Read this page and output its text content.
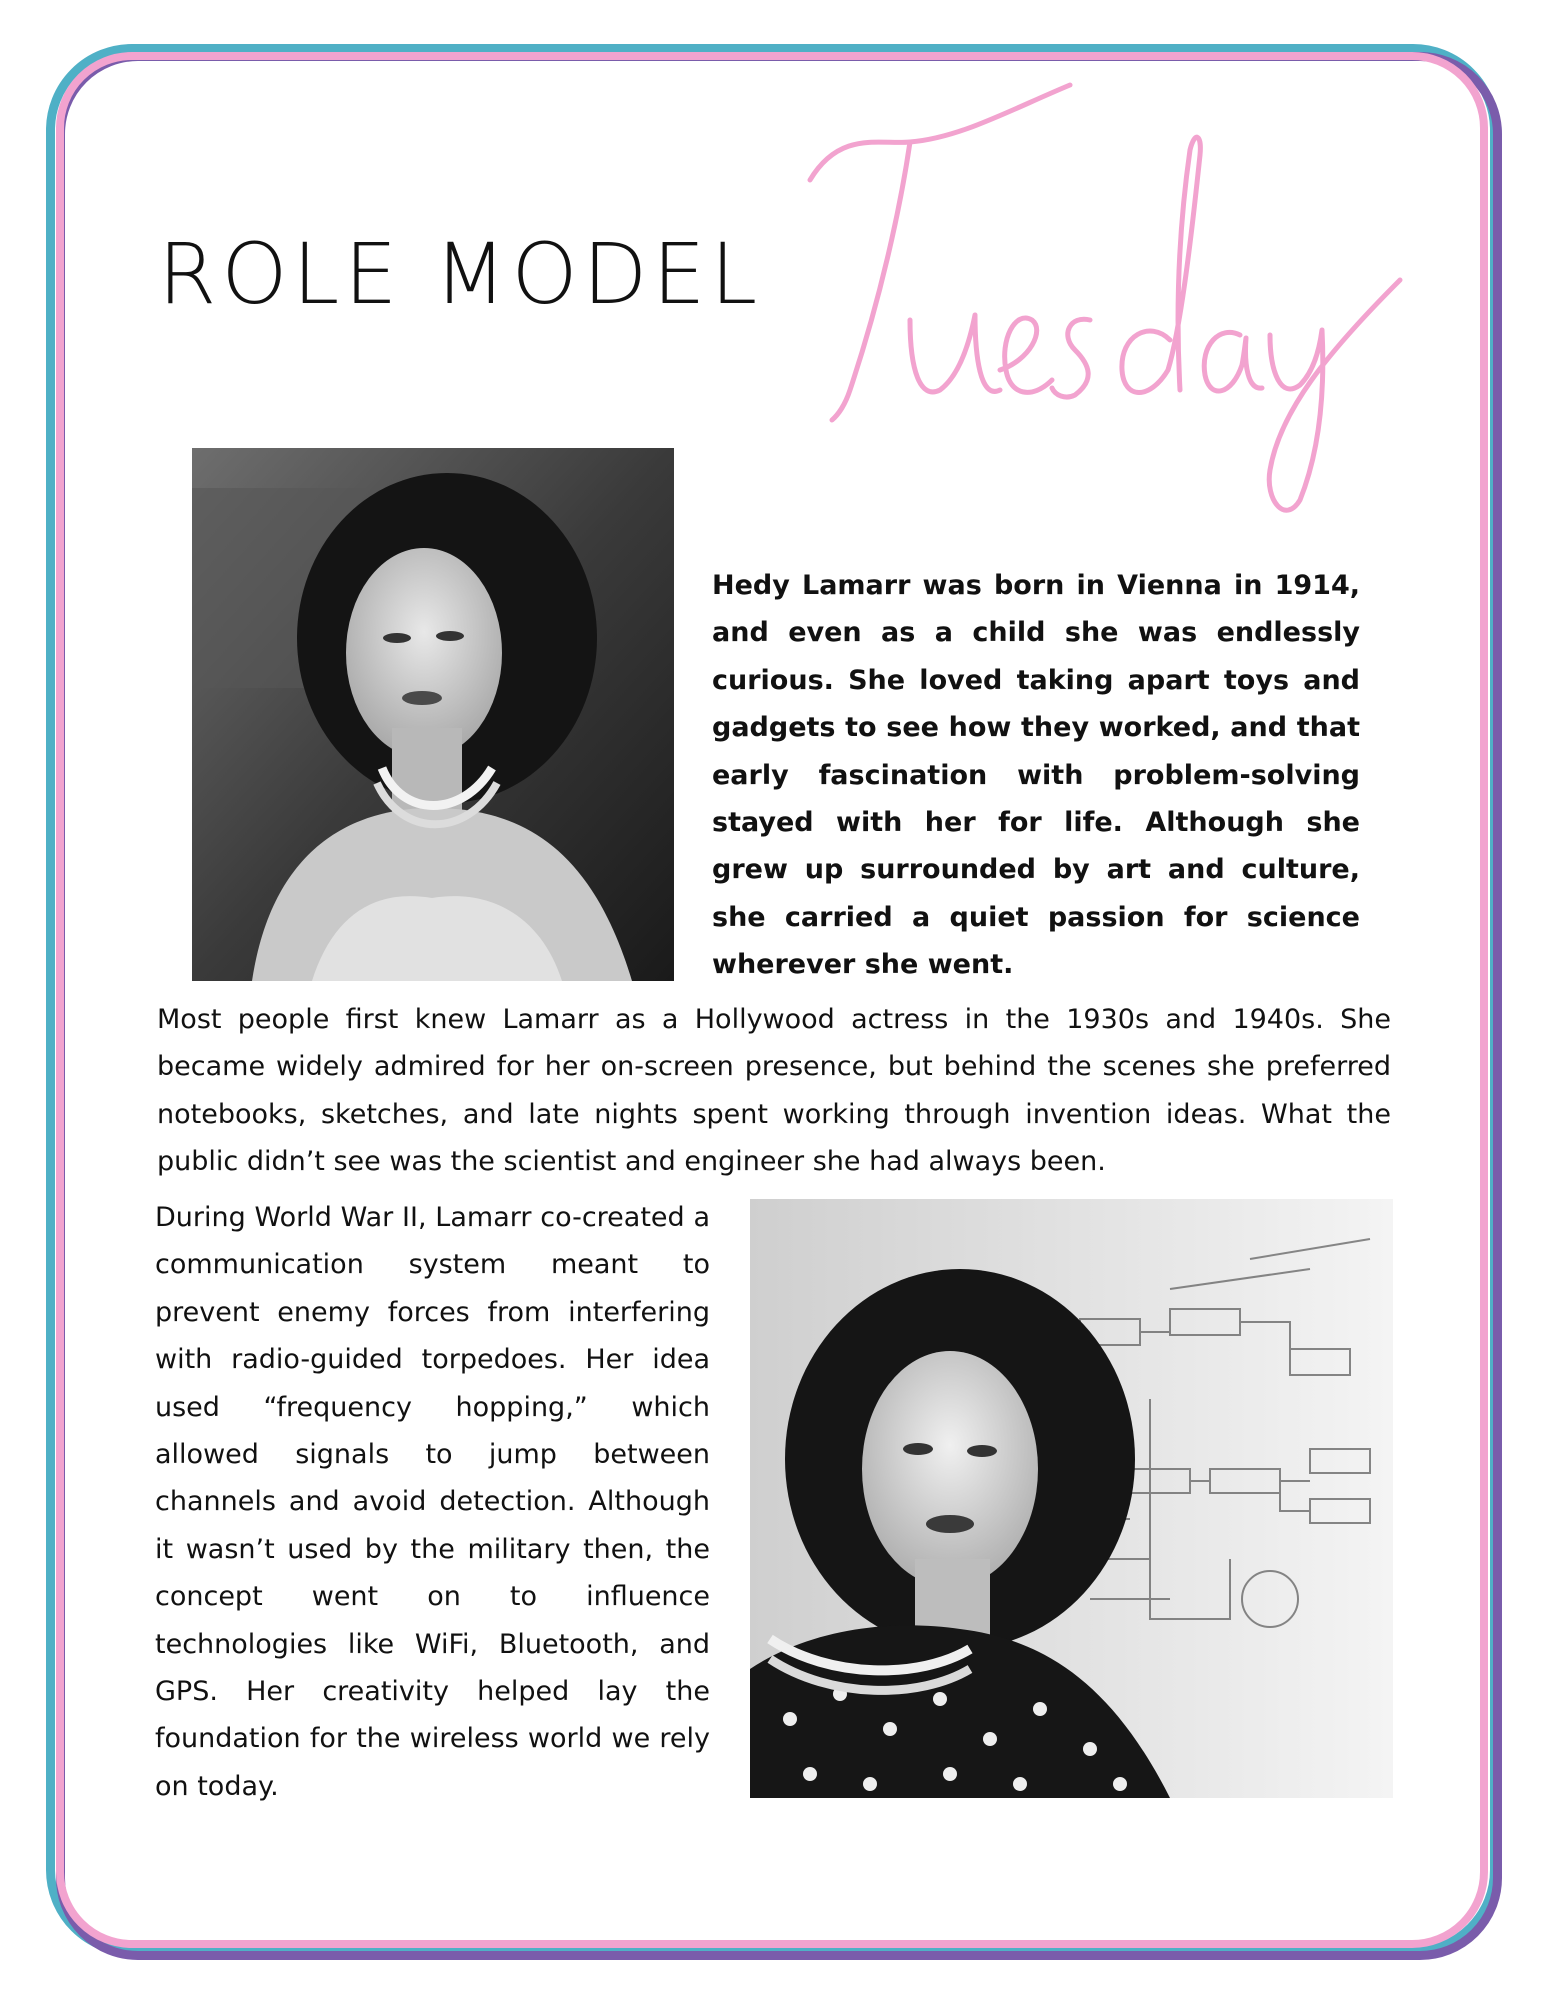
ROLE MODEL

Hedy Lamarr was born in Vienna in 1914, and even as a child she was endlessly curious. She loved taking apart toys and gadgets to see how they worked, and that early fascination with problem-solving stayed with her for life. Although she grew up surrounded by art and culture, she carried a quiet passion for science wherever she went.

Most people first knew Lamarr as a Hollywood actress in the 1930s and 1940s. She became widely admired for her on-screen presence, but behind the scenes she preferred notebooks, sketches, and late nights spent working through invention ideas. What the public didn’t see was the scientist and engineer she had always been.

During World War II, Lamarr co-created a communication system meant to prevent enemy forces from interfering with radio-guided torpedoes. Her idea used “frequency hopping,” which allowed signals to jump between channels and avoid detection. Although it wasn’t used by the military then, the concept went on to influence technologies like WiFi, Bluetooth, and GPS. Her creativity helped lay the foundation for the wireless world we rely on today.
